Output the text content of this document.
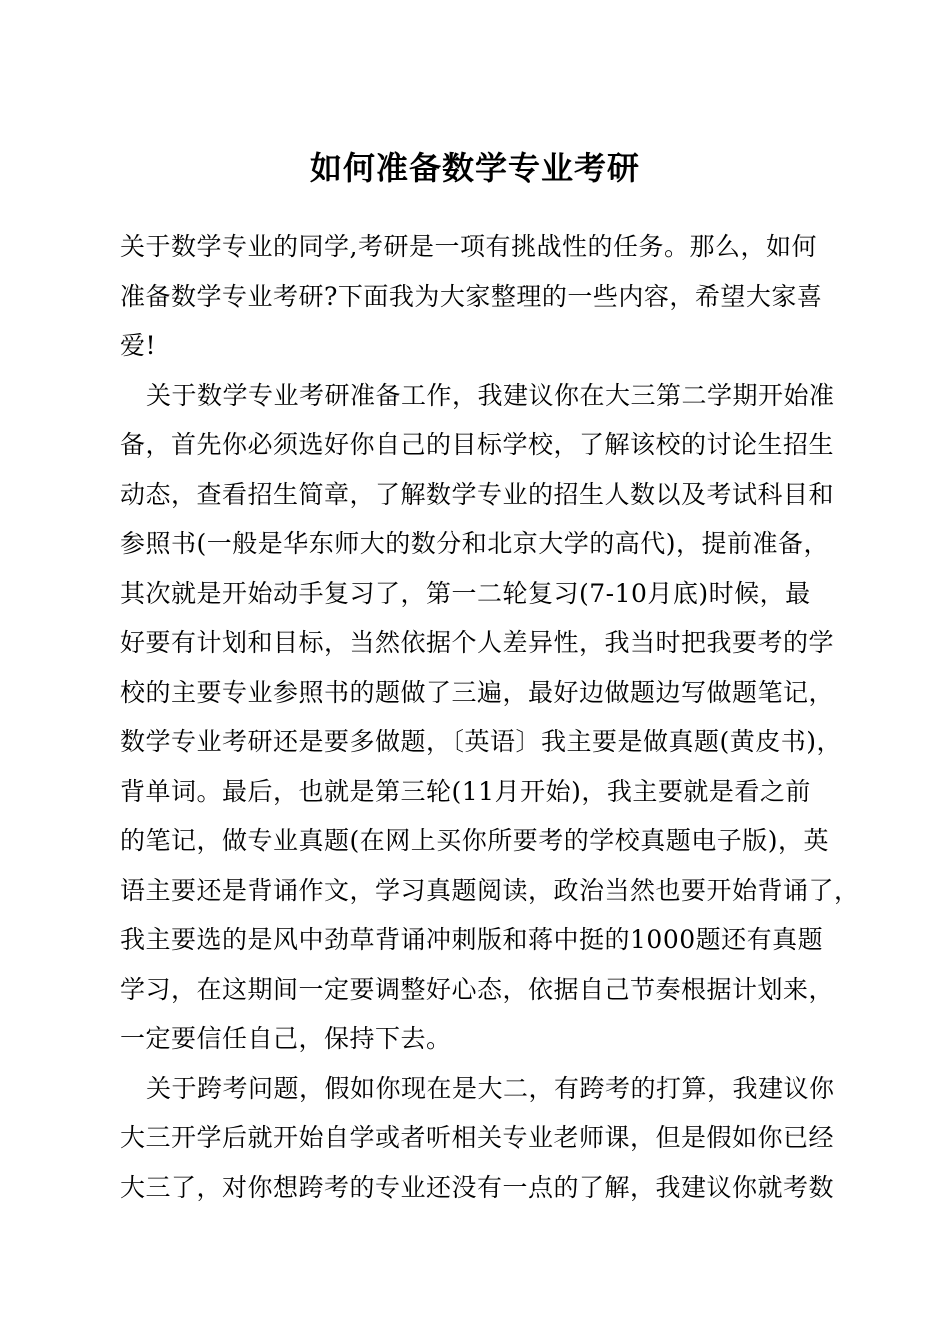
如何准备数学专业考研
关于数学专业的同学,考研是一项有挑战性的任务。那么，如何
准备数学专业考研?下面我为大家整理的一些内容，希望大家喜
爱!
关于数学专业考研准备工作，我建议你在大三第二学期开始准
备，首先你必须选好你自己的目标学校，了解该校的讨论生招生
动态，查看招生简章，了解数学专业的招生人数以及考试科目和
参照书(一般是华东师大的数分和北京大学的高代)，提前准备，
其次就是开始动手复习了，第一二轮复习(7-10月底)时候，最
好要有计划和目标，当然依据个人差异性，我当时把我要考的学
校的主要专业参照书的题做了三遍，最好边做题边写做题笔记，
数学专业考研还是要多做题，〔英语〕我主要是做真题(黄皮书)，
背单词。最后，也就是第三轮(11月开始)，我主要就是看之前
的笔记，做专业真题(在网上买你所要考的学校真题电子版)，英
语主要还是背诵作文，学习真题阅读，政治当然也要开始背诵了，
我主要选的是风中劲草背诵冲刺版和蒋中挺的1000题还有真题
学习，在这期间一定要调整好心态，依据自己节奏根据计划来，
一定要信任自己，保持下去。
关于跨考问题，假如你现在是大二，有跨考的打算，我建议你
大三开学后就开始自学或者听相关专业老师课，但是假如你已经
大三了，对你想跨考的专业还没有一点的了解，我建议你就考数
